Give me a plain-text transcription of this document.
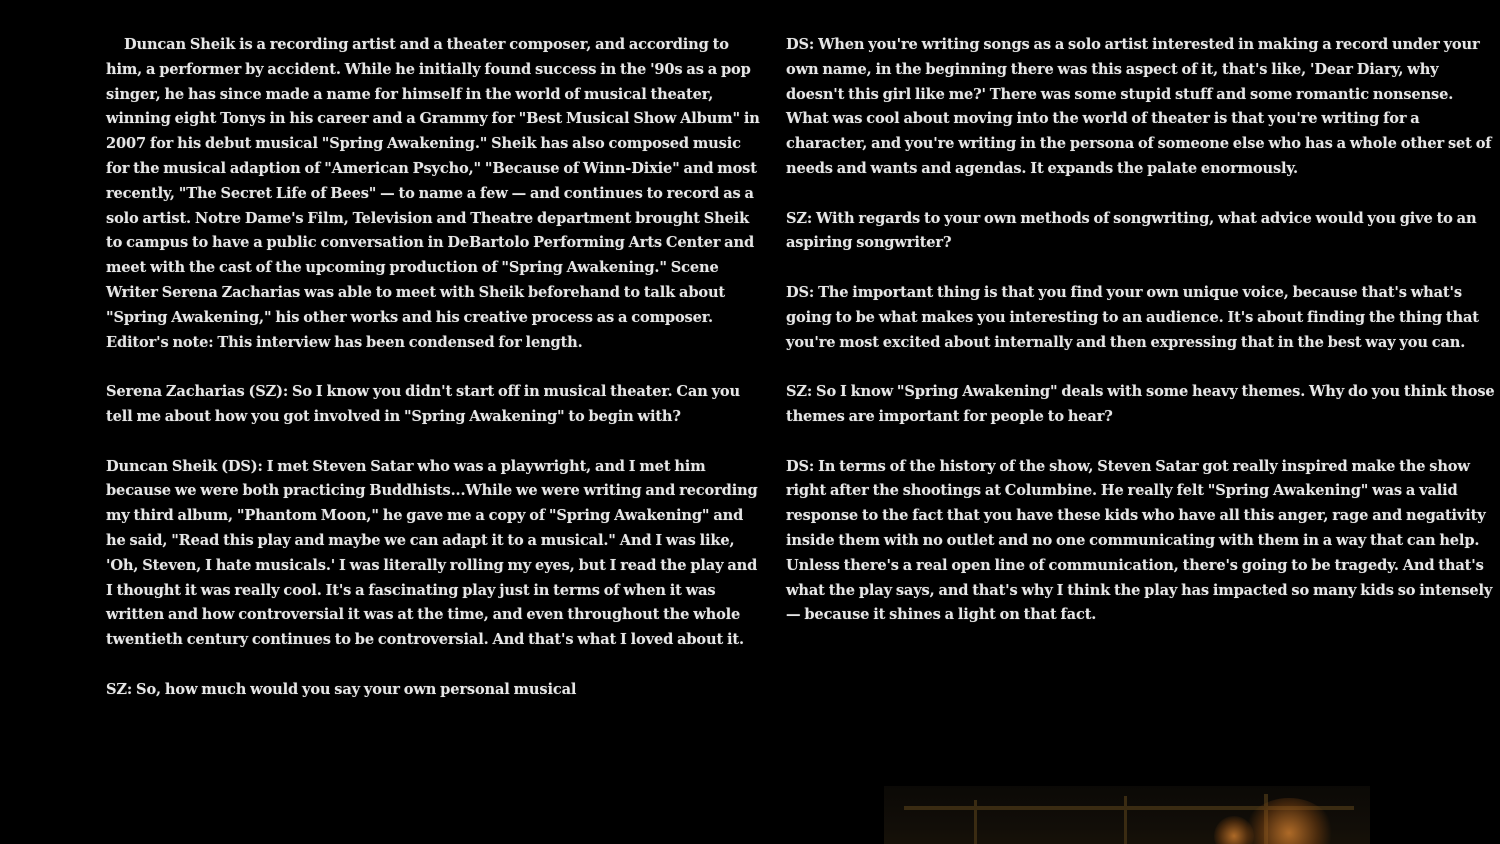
Duncan Sheik is a recording artist and a theater composer, and according to him, a performer by accident. While he initially found success in the '90s as a pop singer, he has since made a name for himself in the world of musical theater, winning eight Tonys in his career and a Grammy for "Best Musical Show Album" in 2007 for his debut musical "Spring Awakening." Sheik has also composed music for the musical adaption of "American Psycho," "Because of Winn-Dixie" and most recently, "The Secret Life of Bees" — to name a few — and continues to record as a solo artist. Notre Dame's Film, Television and Theatre department brought Sheik to campus to have a public conversation in DeBartolo Performing Arts Center and meet with the cast of the upcoming production of "Spring Awakening." Scene Writer Serena Zacharias was able to meet with Sheik beforehand to talk about "Spring Awakening," his other works and his creative process as a composer. Editor's note: This interview has been condensed for length.

Serena Zacharias (SZ): So I know you didn't start off in musical theater. Can you tell me about how you got involved in "Spring Awakening" to begin with?

Duncan Sheik (DS): I met Steven Satar who was a playwright, and I met him because we were both practicing Buddhists...While we were writing and recording my third album, "Phantom Moon," he gave me a copy of "Spring Awakening" and he said, "Read this play and maybe we can adapt it to a musical." And I was like, 'Oh, Steven, I hate musicals.' I was literally rolling my eyes, but I read the play and I thought it was really cool. It's a fascinating play just in terms of when it was written and how controversial it was at the time, and even throughout the whole twentieth century continues to be controversial. And that's what I loved about it.

SZ: So, how much would you say your own personal musical

DS: When you're writing songs as a solo artist interested in making a record under your own name, in the beginning there was this aspect of it, that's like, 'Dear Diary, why doesn't this girl like me?' There was some stupid stuff and some romantic nonsense. What was cool about moving into the world of theater is that you're writing for a character, and you're writing in the persona of someone else who has a whole other set of needs and wants and agendas. It expands the palate enormously.

SZ: With regards to your own methods of songwriting, what advice would you give to an aspiring songwriter?

DS: The important thing is that you find your own unique voice, because that's what's going to be what makes you interesting to an audience. It's about finding the thing that you're most excited about internally and then expressing that in the best way you can.

SZ: So I know "Spring Awakening" deals with some heavy themes. Why do you think those themes are important for people to hear?

DS: In terms of the history of the show, Steven Satar got really inspired make the show right after the shootings at Columbine. He really felt "Spring Awakening" was a valid response to the fact that you have these kids who have all this anger, rage and negativity inside them with no outlet and no one communicating with them in a way that can help. Unless there's a real open line of communication, there's going to be tragedy. And that's what the play says, and that's why I think the play has impacted so many kids so intensely — because it shines a light on that fact.
